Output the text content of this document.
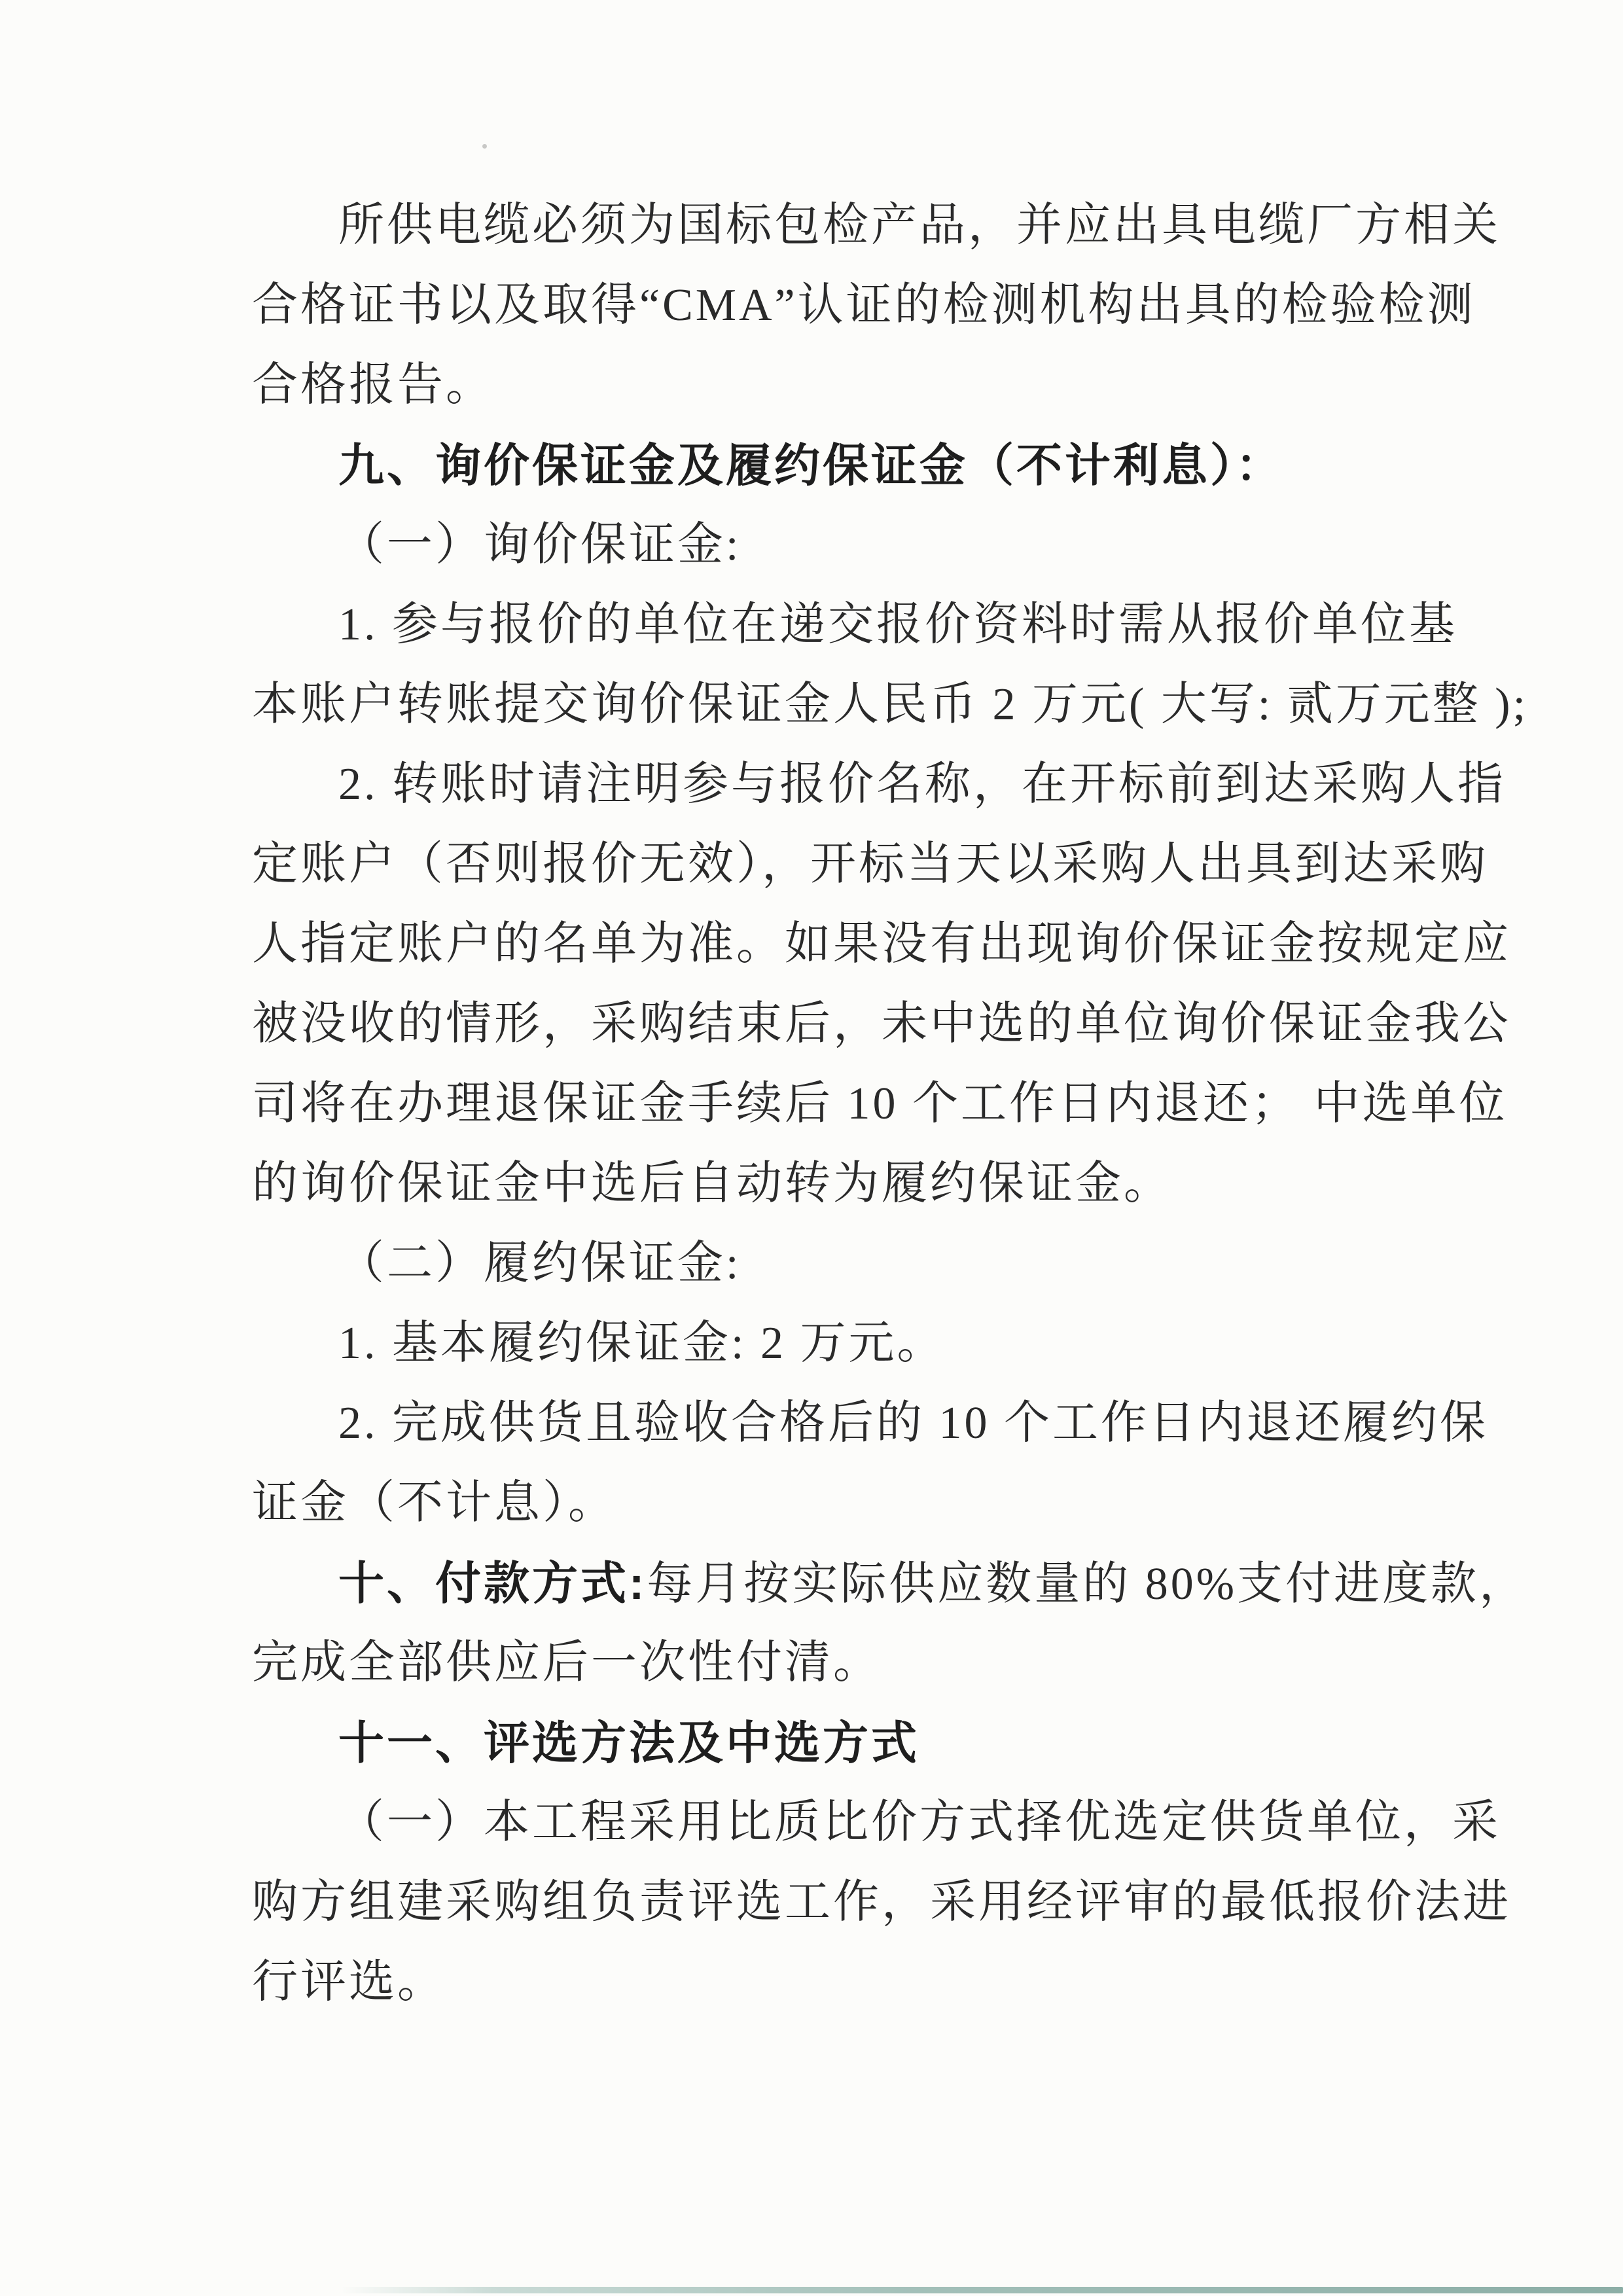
所供电缆必须为国标包检产品，并应出具电缆厂方相关
合格证书以及取得“CMA”认证的检测机构出具的检验检测
合格报告。
九、询价保证金及履约保证金（不计利息）：
（一）询价保证金:
1. 参与报价的单位在递交报价资料时需从报价单位基
本账户转账提交询价保证金人民币 2 万元( 大写: 贰万元整 );
2. 转账时请注明参与报价名称，在开标前到达采购人指
定账户（否则报价无效），开标当天以采购人出具到达采购
人指定账户的名单为准。如果没有出现询价保证金按规定应
被没收的情形，采购结束后，未中选的单位询价保证金我公
司将在办理退保证金手续后 10 个工作日内退还； 中选单位
的询价保证金中选后自动转为履约保证金。
（二）履约保证金:
1. 基本履约保证金: 2 万元。
2. 完成供货且验收合格后的 10 个工作日内退还履约保
证金（不计息）。
十、付款方式:每月按实际供应数量的 80%支付进度款，
完成全部供应后一次性付清。
十一、评选方法及中选方式
（一）本工程采用比质比价方式择优选定供货单位，采
购方组建采购组负责评选工作，采用经评审的最低报价法进
行评选。
